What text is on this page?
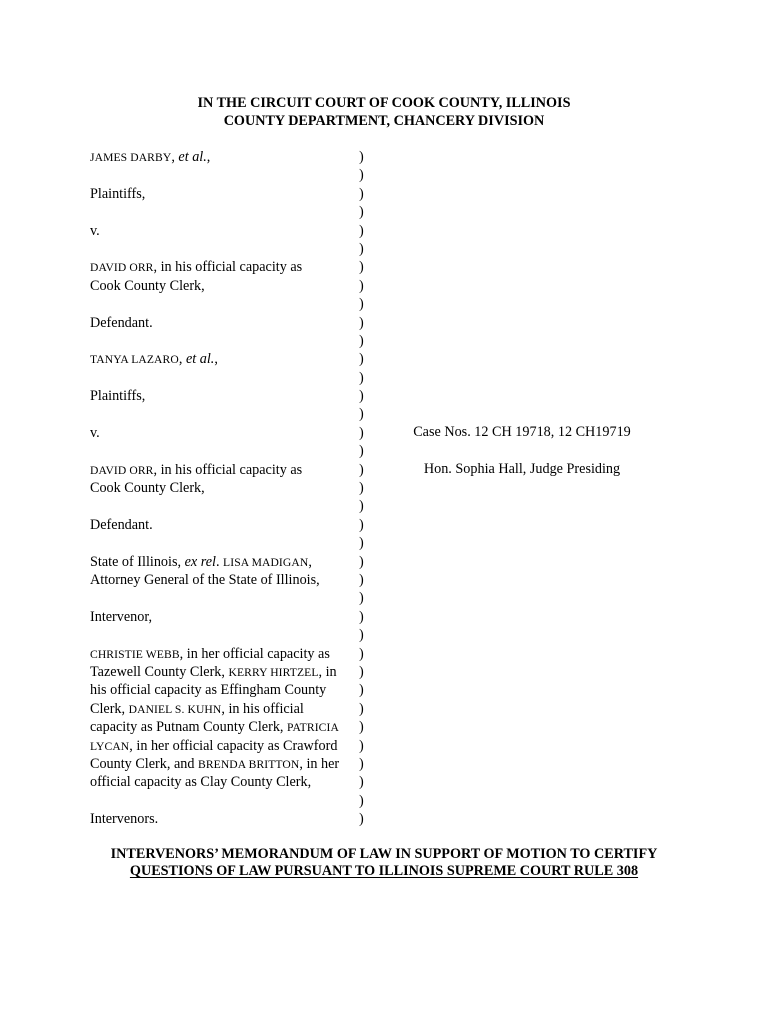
IN THE CIRCUIT COURT OF COOK COUNTY, ILLINOIS
COUNTY DEPARTMENT, CHANCERY DIVISION
JAMES DARBY, et al.,
Plaintiffs,
v.
DAVID ORR, in his official capacity as
Cook County Clerk,
Defendant.
TANYA LAZARO, et al.,
Plaintiffs,
v.
DAVID ORR, in his official capacity as
Cook County Clerk,
Defendant.
State of Illinois, ex rel. LISA MADIGAN,
Attorney General of the State of Illinois,
Intervenor,
CHRISTIE WEBB, in her official capacity as
Tazewell County Clerk, KERRY HIRTZEL, in
his official capacity as Effingham County
Clerk, DANIEL S. KUHN, in his official
capacity as Putnam County Clerk, PATRICIA
LYCAN, in her official capacity as Crawford
County Clerk, and BRENDA BRITTON, in her
official capacity as Clay County Clerk,
Intervenors.
)
)
)
)
)
)
)
)
)
)
)
)
)
)
)
)
)
)
)
)
)
)
)
)
)
)
)
)
)
)
)
)
)
)
)
)
)
Case Nos. 12 CH 19718, 12 CH19719
Hon. Sophia Hall, Judge Presiding
INTERVENORS’ MEMORANDUM OF LAW IN SUPPORT OF MOTION TO CERTIFY
QUESTIONS OF LAW PURSUANT TO ILLINOIS SUPREME COURT RULE 308
